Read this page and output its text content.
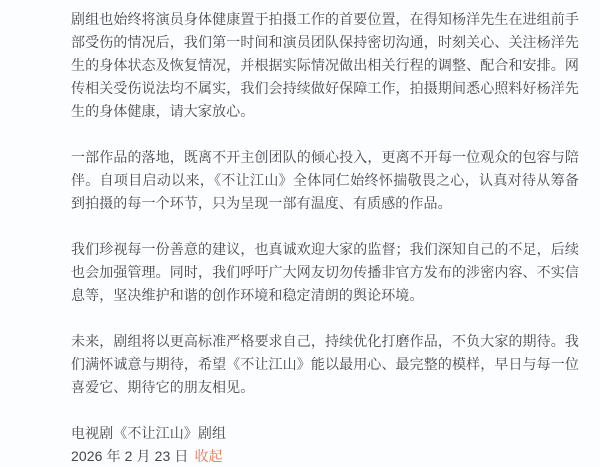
剧组也始终将演员身体健康置于拍摄工作的首要位置，在得知杨洋先生在进组前手部受伤的情况后，我们第一时间和演员团队保持密切沟通，时刻关心、关注杨洋先生的身体状态及恢复情况，并根据实际情况做出相关行程的调整、配合和安排。网传相关受伤说法均不属实，我们会持续做好保障工作，拍摄期间悉心照料好杨洋先生的身体健康，请大家放心。

一部作品的落地，既离不开主创团队的倾心投入，更离不开每一位观众的包容与陪伴。自项目启动以来，《不让江山》全体同仁始终怀揣敬畏之心，认真对待从筹备到拍摄的每一个环节，只为呈现一部有温度、有质感的作品。

我们珍视每一份善意的建议，也真诚欢迎大家的监督；我们深知自己的不足，后续也会加强管理。同时，我们呼吁广大网友切勿传播非官方发布的涉密内容、不实信息等，坚决维护和谐的创作环境和稳定清朗的舆论环境。

未来，剧组将以更高标准严格要求自己，持续优化打磨作品，不负大家的期待。我们满怀诚意与期待，希望《不让江山》能以最用心、最完整的模样，早日与每一位喜爱它、期待它的朋友相见。

电视剧《不让江山》剧组

2026 年 2 月 23 日 收起
